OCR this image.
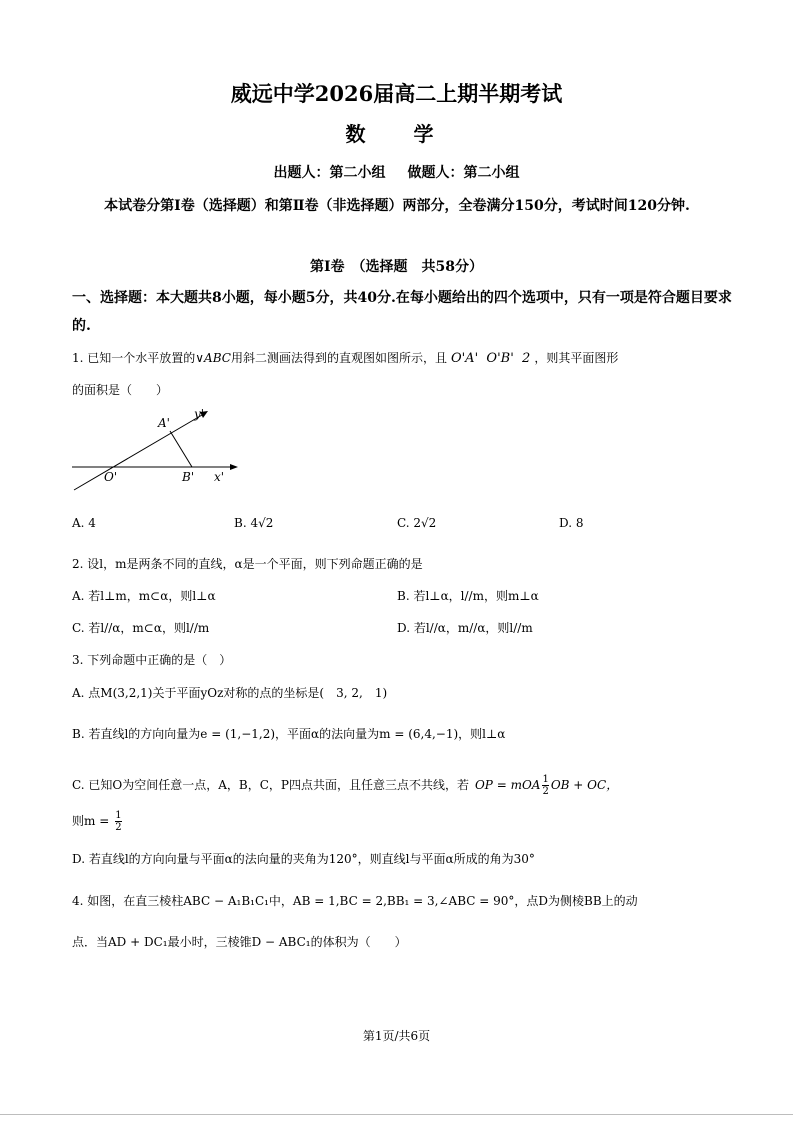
威远中学2026届高二上期半期考试
数　学
出题人：第二小组 做题人：第二小组
本试卷分第Ⅰ卷（选择题）和第Ⅱ卷（非选择题）两部分，全卷满分150分，考试时间120分钟.
第Ⅰ卷　（选择题　共58分）
一、选择题：本大题共8小题，每小题5分，共40分.在每小题给出的四个选项中，只有一项是符合题目要求的.
1. 已知一个水平放置的∨ABC用斜二测画法得到的直观图如图所示，且 O'A'  O'B'  2 ，则其平面图形
的面积是（　　）
A'
y'
O'	B' x'
A. 4	B. 4√2	C. 2√2	D. 8
2. 设l，m是两条不同的直线，α是一个平面，则下列命题正确的是
A. 若l⊥m，m⊂α，则l⊥α	B. 若l⊥α，l//m，则m⊥α
C. 若l//α，m⊂α，则l//m	D. 若l//α，m//α，则l//m
3. 下列命题中正确的是（　）
A. 点M(3,2,1)关于平面yOz对称的点的坐标是(　3, 2,　1)
B. 若直线l的方向向量为e = (1,−1,2)，平面α的法向量为m = (6,4,−1)，则l⊥α
C. 已知O为空间任意一点，A，B，C，P四点共面，且任意三点不共线，若 OP = mOA $\frac{1}{2}$ OB + OC，
则$m = \frac{1}{2}$
D. 若直线l的方向向量与平面α的法向量的夹角为120°，则直线l与平面α所成的角为30°
4. 如图，在直三棱柱ABC − A₁B₁C₁中，AB = 1,BC = 2,BB₁ = 3,∠ABC = 90°，点D为侧棱BB上的动
点．当AD + DC₁最小时，三棱锥D − ABC₁的体积为（　　）
第1页/共6页
